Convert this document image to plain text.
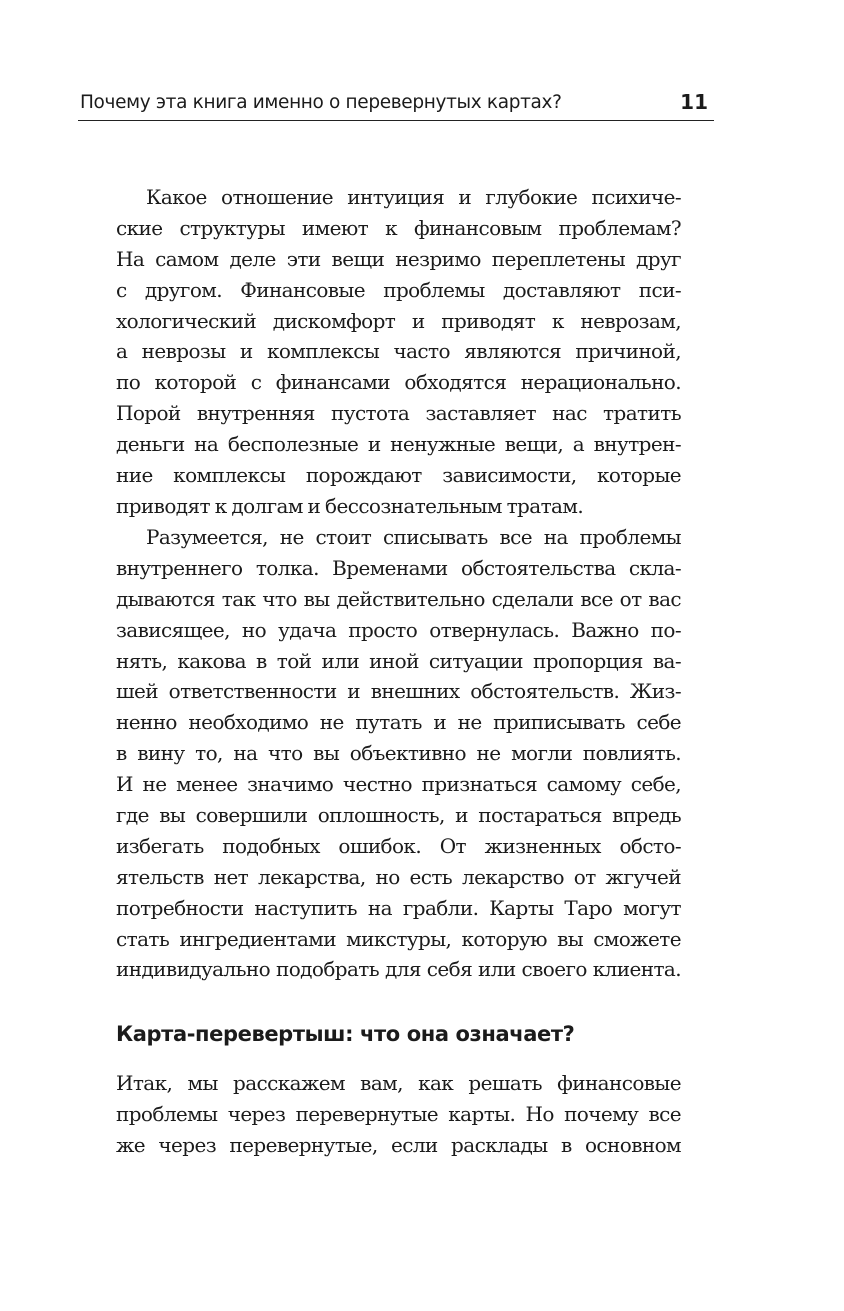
Почему эта книга именно о перевернутых картах?	11
Какое отношение интуиция и глубокие психиче-
ские структуры имеют к финансовым проблемам?
На самом деле эти вещи незримо переплетены друг
с другом. Финансовые проблемы доставляют пси-
хологический дискомфорт и приводят к неврозам,
а неврозы и комплексы часто являются причиной,
по которой с финансами обходятся нерационально.
Порой внутренняя пустота заставляет нас тратить
деньги на бесполезные и ненужные вещи, а внутрен-
ние комплексы порождают зависимости, которые
приводят к долгам и бессознательным тратам.
Разумеется, не стоит списывать все на проблемы
внутреннего толка. Временами обстоятельства скла-
дываются так что вы действительно сделали все от вас
зависящее, но удача просто отвернулась. Важно по-
нять, какова в той или иной ситуации пропорция ва-
шей ответственности и внешних обстоятельств. Жиз-
ненно необходимо не путать и не приписывать себе
в вину то, на что вы объективно не могли повлиять.
И не менее значимо честно признаться самому себе,
где вы совершили оплошность, и постараться впредь
избегать подобных ошибок. От жизненных обсто-
ятельств нет лекарства, но есть лекарство от жгучей
потребности наступить на грабли. Карты Таро могут
стать ингредиентами микстуры, которую вы сможете
индивидуально подобрать для себя или своего клиента.
Карта-перевертыш: что она означает?
Итак, мы расскажем вам, как решать финансовые
проблемы через перевернутые карты. Но почему все
же через перевернутые, если расклады в основном
